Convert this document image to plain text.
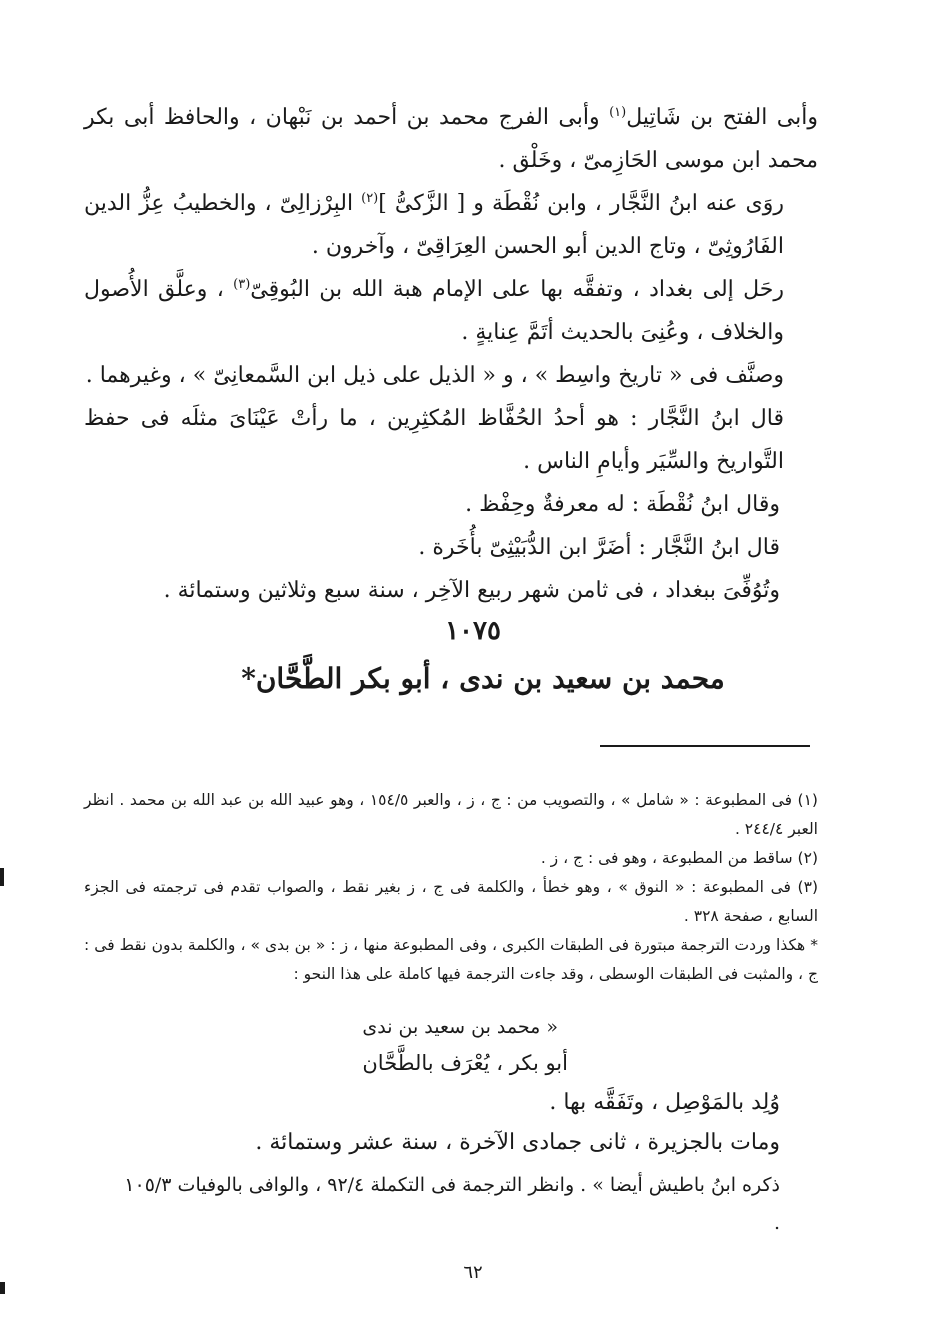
وأبى الفتح بن شَاتِيل$^{(١)}$ وأبى الفرج محمد بن أحمد بن نَبْهان ، والحافظ أبى بكر محمد ابن موسى الحَازِمىّ ، وخَلْق .

روَى عنه ابنُ النَّجَّار ، وابن نُقْطَة و [ الزَّكىُّ ]$^{(٢)}$ البِرْزالِىّ ، والخطيبُ عِزُّ الدين الفَارُوثِىّ ، وتاج الدين أبو الحسن العِرَاقِىّ ، وآخرون .

رحَل إلى بغداد ، وتفقَّه بها على الإمام هبة الله بن البُوقِىّ$^{(٣)}$ ، وعلَّق الأُصول والخلاف ، وعُنِىَ بالحديث أتَمَّ عِنايةٍ .

وصنَّف فى « تاريخ واسِط » ، و « الذيل على ذيل ابن السَّمعانِىّ » ، وغيرهما .

قال ابنُ النَّجَّار : هو أحدُ الحُفَّاظ المُكثِرِين ، ما رأتْ عَيْنَاىَ مثلَه فى حفظ التَّواريخ والسِّيَر وأيامِ الناس .

وقال ابنُ نُقْطَة : له معرفةٌ وحِفْظ .

قال ابنُ النَّجَّار : أضَرَّ ابن الدُّبَيْثِىّ بأُخَرة .

وتُوُفِّىَ ببغداد ، فى ثامن شهر ربيع الآخِر ، سنة سبع وثلاثين وستمائة .

١٠٧٥
محمد بن سعيد بن ندى ، أبو بكر الطَّحَّان*

(١) فى المطبوعة : « شامل » ، والتصويب من : ج ، ز ، والعبر ١٥٤/٥ ، وهو عبيد الله بن عبد الله بن محمد . انظر العبر ٢٤٤/٤ .

(٢) ساقط من المطبوعة ، وهو فى : ج ، ز .

(٣) فى المطبوعة : « النوق » ، وهو خطأ ، والكلمة فى ج ، ز بغير نقط ، والصواب تقدم فى ترجمته فى الجزء السابع ، صفحة ٣٢٨ .

* هكذا وردت الترجمة مبتورة فى الطبقات الكبرى ، وفى المطبوعة منها ، ز : « بن بدى » ، والكلمة بدون نقط فى : ج ، والمثبت فى الطبقات الوسطى ، وقد جاءت الترجمة فيها كاملة على هذا النحو :

« محمد بن سعيد بن ندى
أبو بكر ، يُعْرَف بالطَّحَّان
وُلِد بالمَوْصِل ، وتَفَقَّه بها .
ومات بالجزيرة ، ثانى جمادى الآخرة ، سنة عشر وستمائة .
ذكره ابنُ باطيش أيضا » . وانظر الترجمة فى التكملة ٩٢/٤ ، والوافى بالوفيات ١٠٥/٣ .
٦٢
